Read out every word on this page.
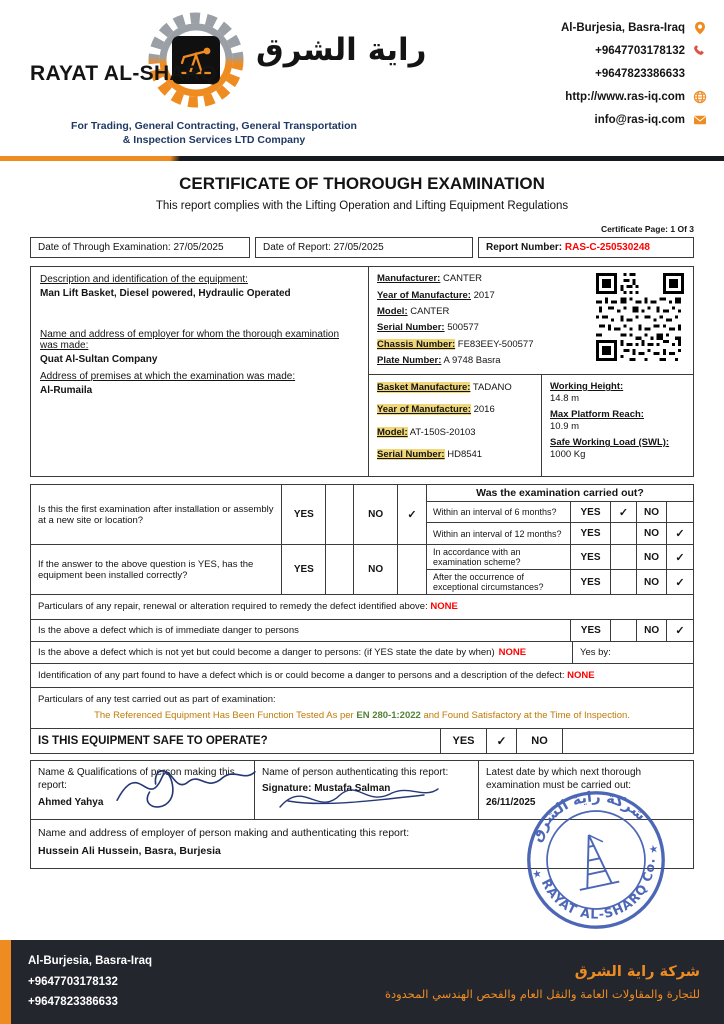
RAYAT AL-SHARQ
راية الشرق
For Trading, General Contracting, General Transportation
& Inspection Services LTD Company
Al-Burjesia, Basra-Iraq
+9647703178132
+9647823386633
http://www.ras-iq.com
info@ras-iq.com
CERTIFICATE OF THOROUGH EXAMINATION
This report complies with the Lifting Operation and Lifting Equipment Regulations
Certificate Page: 1 Of 3
Date of Through Examination: 27/05/2025	Date of Report: 27/05/2025	Report Number: RAS-C-250530248
Description and identification of the equipment:
Man Lift Basket, Diesel powered, Hydraulic Operated
Name and address of employer for whom the thorough examination was made:
Quat Al-Sultan Company
Address of premises at which the examination was made:
Al-Rumaila
Manufacturer: CANTER
Year of Manufacture: 2017
Model: CANTER
Serial Number: 500577
Chassis Number: FE83EEY-500577
Plate Number: A 9748 Basra
Basket Manufacture: TADANO
Year of Manufacture: 2016
Model: AT-150S-20103
Serial Number: HD8541
Working Height:
14.8 m
Max Platform Reach:
10.9 m
Safe Working Load (SWL):
1000 Kg
Is this the first examination after installation or assembly at a new site or location?	YES	NO	✓
Was the examination carried out?
Within an interval of 6 months?	YES	✓	NO
Within an interval of 12 months?	YES	NO	✓
If the answer to the above question is YES, has the equipment been installed correctly?	YES	NO
In accordance with an examination scheme?	YES	NO	✓
After the occurrence of exceptional circumstances?	YES	NO	✓
Particulars of any repair, renewal or alteration required to remedy the defect identified above: NONE
Is the above a defect which is of immediate danger to persons	YES	NO	✓
Is the above a defect which is not yet but could become a danger to persons: (if YES state the date by when) NONE	Yes by:
Identification of any part found to have a defect which is or could become a danger to persons and a description of the defect: NONE
Particulars of any test carried out as part of examination:
The Referenced Equipment Has Been Function Tested As per EN 280-1:2022 and Found Satisfactory at the Time of Inspection.
IS THIS EQUIPMENT SAFE TO OPERATE?	YES	✓	NO
Name & Qualifications of person making this report:
Ahmed Yahya
Name of person authenticating this report:
Signature: Mustafa Salman
Latest date by which next thorough examination must be carried out:
26/11/2025
Name and address of employer of person making and authenticating this report:
Hussein Ali Hussein, Basra, Burjesia
شركة راية الشرق
RAYAT AL-SHARQ Co.
★
★
Al-Burjesia, Basra-Iraq
+9647703178132
+9647823386633
شركة راية الشرق
للتجارة والمقاولات العامة والنقل العام والفحص الهندسي المحدودة
